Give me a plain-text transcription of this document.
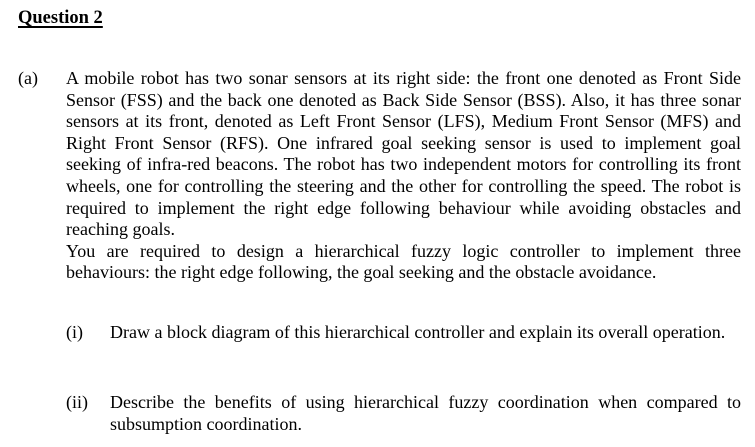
Question 2
(a) A mobile robot has two sonar sensors at its right side: the front one denoted as Front Side Sensor (FSS) and the back one denoted as Back Side Sensor (BSS). Also, it has three sonar sensors at its front, denoted as Left Front Sensor (LFS), Medium Front Sensor (MFS) and Right Front Sensor (RFS). One infrared goal seeking sensor is used to implement goal seeking of infra-red beacons. The robot has two independent motors for controlling its front wheels, one for controlling the steering and the other for controlling the speed. The robot is required to implement the right edge following behaviour while avoiding obstacles and reaching goals.

You are required to design a hierarchical fuzzy logic controller to implement three behaviours: the right edge following, the goal seeking and the obstacle avoidance.

(i) Draw a block diagram of this hierarchical controller and explain its overall operation.
(ii) Describe the benefits of using hierarchical fuzzy coordination when compared to subsumption coordination.
